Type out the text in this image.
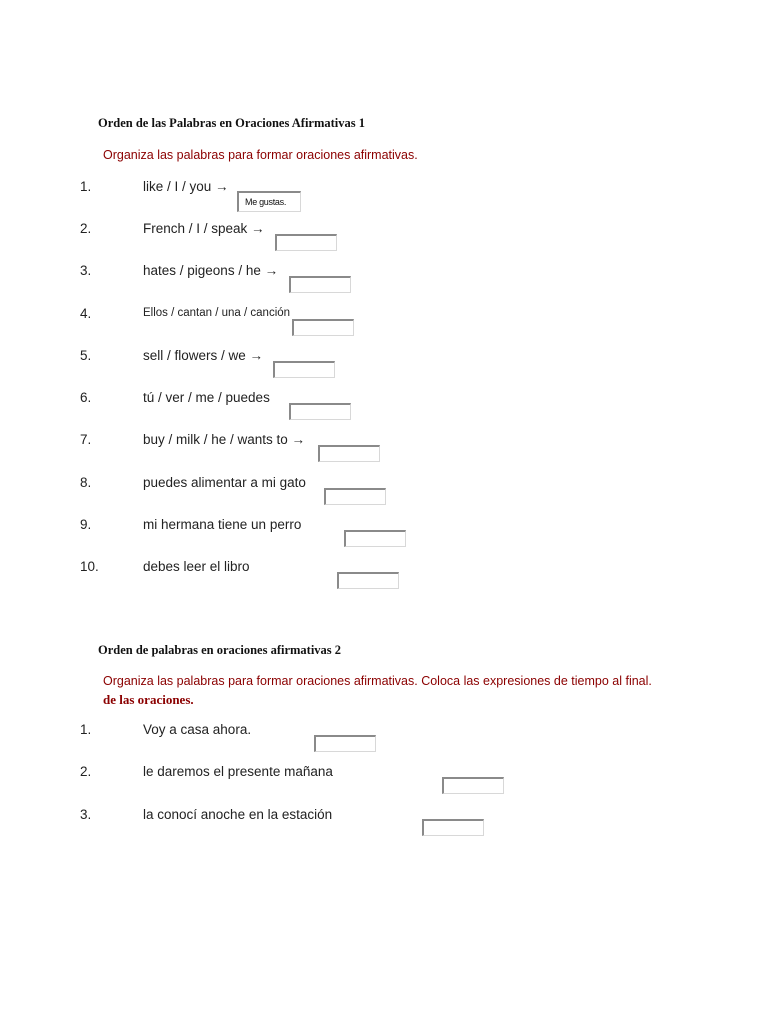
Orden de las Palabras en Oraciones Afirmativas 1
Organiza las palabras para formar oraciones afirmativas.
1.	like / I / you →
Me gustas.
2.	French / I / speak →
3.	hates / pigeons / he →
4.	Ellos / cantan / una / canción
5.	sell / flowers / we →
6.	tú / ver / me / puedes
7.	buy / milk / he / wants to →
8.	puedes alimentar a mi gato
9.	mi hermana tiene un perro
10.	debes leer el libro
Orden de palabras en oraciones afirmativas 2
Organiza las palabras para formar oraciones afirmativas. Coloca las expresiones de tiempo al final.
de las oraciones.
1.	Voy a casa ahora.
2.	le daremos el presente mañana
3.	la conocí anoche en la estación
